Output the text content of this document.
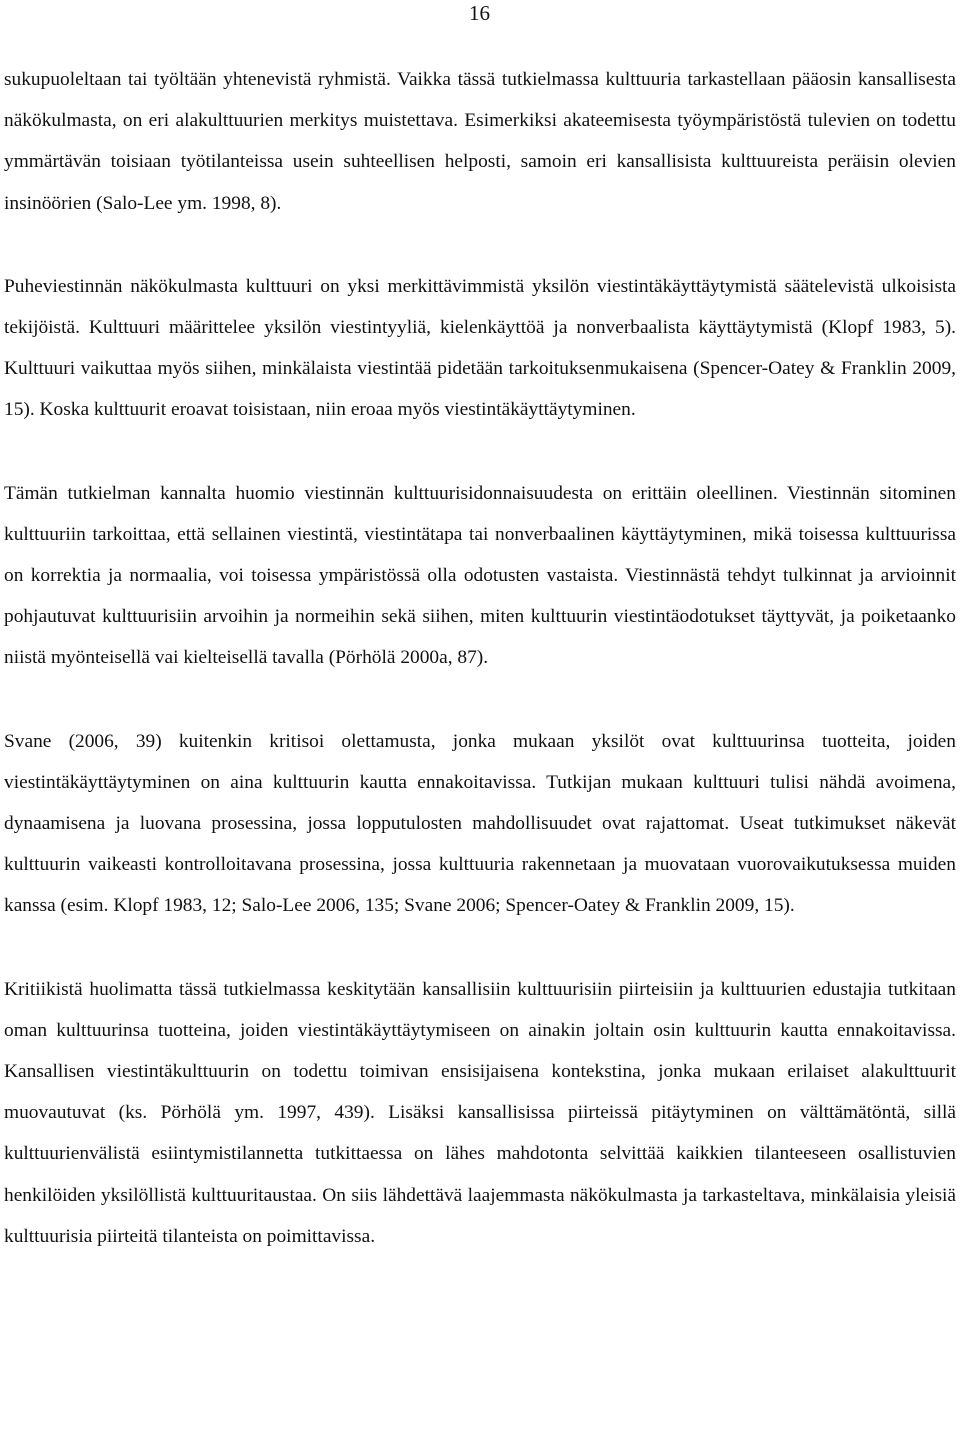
16

sukupuoleltaan tai työltään yhtenevistä ryhmistä. Vaikka tässä tutkielmassa kulttuuria tarkastellaan pääosin kansallisesta näkökulmasta, on eri alakulttuurien merkitys muistettava. Esimerkiksi akateemisesta työympäristöstä tulevien on todettu ymmärtävän toisiaan työtilanteissa usein suhteellisen helposti, samoin eri kansallisista kulttuureista peräisin olevien insinöörien (Salo-Lee ym. 1998, 8).

Puheviestinnän näkökulmasta kulttuuri on yksi merkittävimmistä yksilön viestintäkäyttäytymistä säätelevistä ulkoisista tekijöistä. Kulttuuri määrittelee yksilön viestintyyliä, kielenkäyttöä ja nonverbaalista käyttäytymistä (Klopf 1983, 5). Kulttuuri vaikuttaa myös siihen, minkälaista viestintää pidetään tarkoituksenmukaisena (Spencer-Oatey & Franklin 2009, 15). Koska kulttuurit eroavat toisistaan, niin eroaa myös viestintäkäyttäytyminen.

Tämän tutkielman kannalta huomio viestinnän kulttuurisidonnaisuudesta on erittäin oleellinen. Viestinnän sitominen kulttuuriin tarkoittaa, että sellainen viestintä, viestintätapa tai nonverbaalinen käyttäytyminen, mikä toisessa kulttuurissa on korrektia ja normaalia, voi toisessa ympäristössä olla odotusten vastaista. Viestinnästä tehdyt tulkinnat ja arvioinnit pohjautuvat kulttuurisiin arvoihin ja normeihin sekä siihen, miten kulttuurin viestintäodotukset täyttyvät, ja poiketaanko niistä myönteisellä vai kielteisellä tavalla (Pörhölä 2000a, 87).

Svane (2006, 39) kuitenkin kritisoi olettamusta, jonka mukaan yksilöt ovat kulttuurinsa tuotteita, joiden viestintäkäyttäytyminen on aina kulttuurin kautta ennakoitavissa. Tutkijan mukaan kulttuuri tulisi nähdä avoimena, dynaamisena ja luovana prosessina, jossa lopputulosten mahdollisuudet ovat rajattomat. Useat tutkimukset näkevät kulttuurin vaikeasti kontrolloitavana prosessina, jossa kulttuuria rakennetaan ja muovataan vuorovaikutuksessa muiden kanssa (esim. Klopf 1983, 12; Salo-Lee 2006, 135; Svane 2006; Spencer-Oatey & Franklin 2009, 15).

Kritiikistä huolimatta tässä tutkielmassa keskitytään kansallisiin kulttuurisiin piirteisiin ja kulttuurien edustajia tutkitaan oman kulttuurinsa tuotteina, joiden viestintäkäyttäytymiseen on ainakin joltain osin kulttuurin kautta ennakoitavissa. Kansallisen viestintäkulttuurin on todettu toimivan ensisijaisena kontekstina, jonka mukaan erilaiset alakulttuurit muovautuvat (ks. Pörhölä ym. 1997, 439). Lisäksi kansallisissa piirteissä pitäytyminen on välttämätöntä, sillä kulttuurienvälistä esiintymistilannetta tutkittaessa on lähes mahdotonta selvittää kaikkien tilanteeseen osallistuvien henkilöiden yksilöllistä kulttuuritaustaa. On siis lähdettävä laajemmasta näkökulmasta ja tarkasteltava, minkälaisia yleisiä kulttuurisia piirteitä tilanteista on poimittavissa.
